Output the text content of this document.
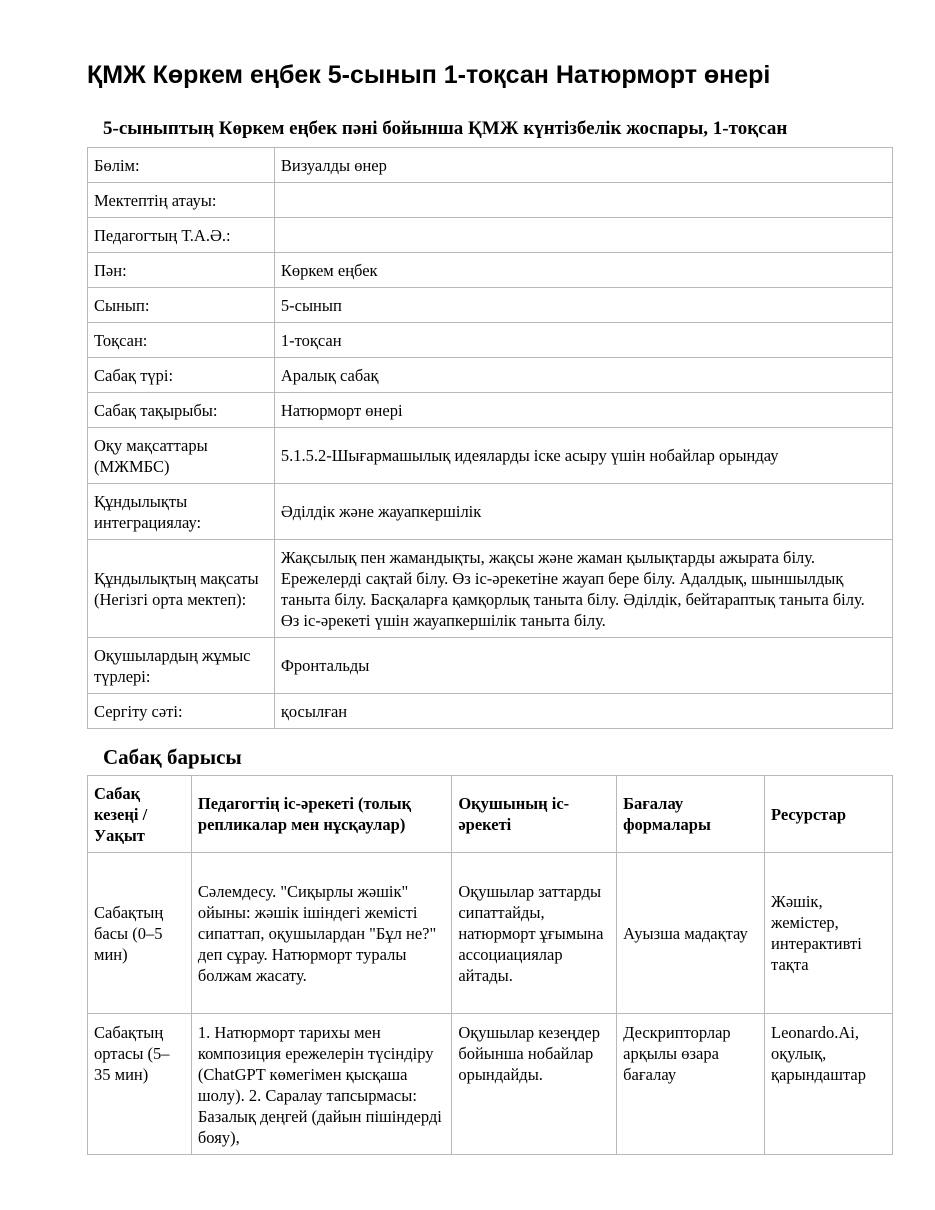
ҚМЖ Көркем еңбек 5-сынып 1-тоқсан Натюрморт өнері
5-сыныптың Көркем еңбек пәні бойынша ҚМЖ күнтізбелік жоспары, 1-тоқсан
Бөлім:	Визуалды өнер
Мектептің атауы:	
Педагогтың Т.А.Ә.:	
Пән:	Көркем еңбек
Сынып:	5-сынып
Тоқсан:	1-тоқсан
Сабақ түрі:	Аралық сабақ
Сабақ тақырыбы:	Натюрморт өнері
Оқу мақсаттары (МЖМБС)	5.1.5.2-Шығармашылық идеяларды іске асыру үшін нобайлар орындау
Құндылықты интеграциялау:	Әділдік және жауапкершілік
Құндылықтың мақсаты (Негізгі орта мектеп):	Жақсылық пен жамандықты, жақсы және жаман қылықтарды ажырата білу. Ережелерді сақтай білу. Өз іс-әрекетіне жауап бере білу. Адалдық, шыншылдық таныта білу. Басқаларға қамқорлық таныта білу. Әділдік, бейтараптық таныта білу. Өз іс-әрекеті үшін жауапкершілік таныта білу.
Оқушылардың жұмыс түрлері:	Фронтальды
Сергіту сәті:	қосылған
Сабақ барысы
Сабақ кезеңі / Уақыт	Педагогтің іс-әрекеті (толық репликалар мен нұсқаулар)	Оқушының іс-әрекеті	Бағалау формалары	Ресурстар
Сабақтың басы (0–5 мин)	Сәлемдесу. "Сиқырлы жәшік" ойыны: жәшік ішіндегі жемісті сипаттап, оқушылардан "Бұл не?" деп сұрау. Натюрморт туралы болжам жасату.	Оқушылар заттарды сипаттайды, натюрморт ұғымына ассоциациялар айтады.	Ауызша мадақтау	Жәшік, жемістер, интерактивті тақта
Сабақтың ортасы (5–35 мин)	1. Натюрморт тарихы мен композиция ережелерін түсіндіру (ChatGPT көмегімен қысқаша шолу). 2. Саралау тапсырмасы: Базалық деңгей (дайын пішіндерді бояу),	Оқушылар кезеңдер бойынша нобайлар орындайды.	Дескрипторлар арқылы өзара бағалау	Leonardo.Ai, оқулық, қарындаштар
